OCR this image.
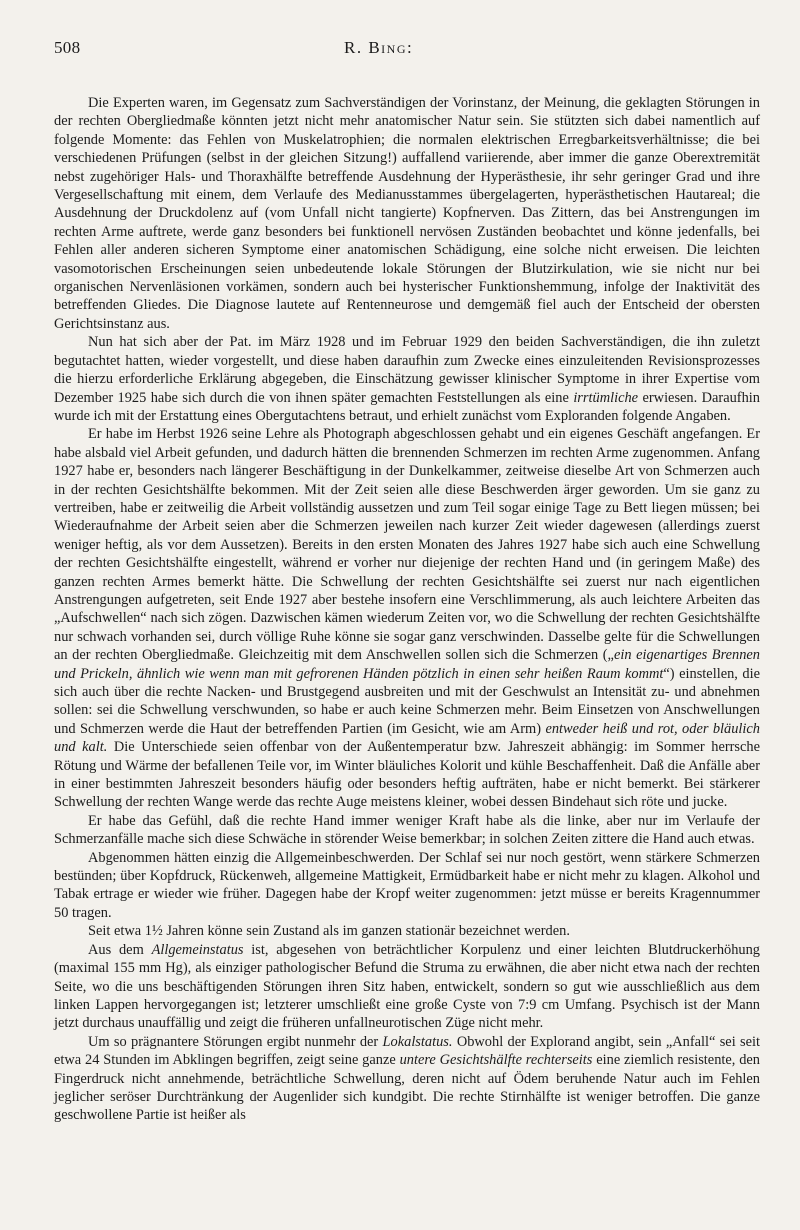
508	R. Bing:

Die Experten waren, im Gegensatz zum Sachverständigen der Vorinstanz, der Meinung, die geklagten Störungen in der rechten Obergliedmaße könnten jetzt nicht mehr anatomischer Natur sein. Sie stützten sich dabei namentlich auf folgende Momente: das Fehlen von Muskelatrophien; die normalen elektrischen Erregbarkeitsverhältnisse; die bei verschiedenen Prüfungen (selbst in der gleichen Sitzung!) auffallend variierende, aber immer die ganze Oberextremität nebst zugehöriger Hals- und Thoraxhälfte betreffende Ausdehnung der Hyperästhesie, ihr sehr geringer Grad und ihre Vergesellschaftung mit einem, dem Verlaufe des Medianusstammes übergelagerten, hyperästhetischen Hautareal; die Ausdehnung der Druckdolenz auf (vom Unfall nicht tangierte) Kopfnerven. Das Zittern, das bei Anstrengungen im rechten Arme auftrete, werde ganz besonders bei funktionell nervösen Zuständen beobachtet und könne jedenfalls, bei Fehlen aller anderen sicheren Symptome einer anatomischen Schädigung, eine solche nicht erweisen. Die leichten vasomotorischen Erscheinungen seien unbedeutende lokale Störungen der Blutzirkulation, wie sie nicht nur bei organischen Nervenläsionen vorkämen, sondern auch bei hysterischer Funktionshemmung, infolge der Inaktivität des betreffenden Gliedes. Die Diagnose lautete auf Rentenneurose und demgemäß fiel auch der Entscheid der obersten Gerichtsinstanz aus.

Nun hat sich aber der Pat. im März 1928 und im Februar 1929 den beiden Sachverständigen, die ihn zuletzt begutachtet hatten, wieder vorgestellt, und diese haben daraufhin zum Zwecke eines einzuleitenden Revisionsprozesses die hierzu erforderliche Erklärung abgegeben, die Einschätzung gewisser klinischer Symptome in ihrer Expertise vom Dezember 1925 habe sich durch die von ihnen später gemachten Feststellungen als eine irrtümliche erwiesen. Daraufhin wurde ich mit der Erstattung eines Obergutachtens betraut, und erhielt zunächst vom Exploranden folgende Angaben.

Er habe im Herbst 1926 seine Lehre als Photograph abgeschlossen gehabt und ein eigenes Geschäft angefangen. Er habe alsbald viel Arbeit gefunden, und dadurch hätten die brennenden Schmerzen im rechten Arme zugenommen. Anfang 1927 habe er, besonders nach längerer Beschäftigung in der Dunkelkammer, zeitweise dieselbe Art von Schmerzen auch in der rechten Gesichtshälfte bekommen. Mit der Zeit seien alle diese Beschwerden ärger geworden. Um sie ganz zu vertreiben, habe er zeitweilig die Arbeit vollständig aussetzen und zum Teil sogar einige Tage zu Bett liegen müssen; bei Wiederaufnahme der Arbeit seien aber die Schmerzen jeweilen nach kurzer Zeit wieder dagewesen (allerdings zuerst weniger heftig, als vor dem Aussetzen). Bereits in den ersten Monaten des Jahres 1927 habe sich auch eine Schwellung der rechten Gesichtshälfte eingestellt, während er vorher nur diejenige der rechten Hand und (in geringem Maße) des ganzen rechten Armes bemerkt hätte. Die Schwellung der rechten Gesichtshälfte sei zuerst nur nach eigentlichen Anstrengungen aufgetreten, seit Ende 1927 aber bestehe insofern eine Verschlimmerung, als auch leichtere Arbeiten das „Aufschwellen“ nach sich zögen. Dazwischen kämen wiederum Zeiten vor, wo die Schwellung der rechten Gesichtshälfte nur schwach vorhanden sei, durch völlige Ruhe könne sie sogar ganz verschwinden. Dasselbe gelte für die Schwellungen an der rechten Obergliedmaße. Gleichzeitig mit dem Anschwellen sollen sich die Schmerzen („ein eigenartiges Brennen und Prickeln, ähnlich wie wenn man mit gefrorenen Händen pötzlich in einen sehr heißen Raum kommt“) einstellen, die sich auch über die rechte Nacken- und Brustgegend ausbreiten und mit der Geschwulst an Intensität zu- und abnehmen sollen: sei die Schwellung verschwunden, so habe er auch keine Schmerzen mehr. Beim Einsetzen von Anschwellungen und Schmerzen werde die Haut der betreffenden Partien (im Gesicht, wie am Arm) entweder heiß und rot, oder bläulich und kalt. Die Unterschiede seien offenbar von der Außentemperatur bzw. Jahreszeit abhängig: im Sommer herrsche Rötung und Wärme der befallenen Teile vor, im Winter bläuliches Kolorit und kühle Beschaffenheit. Daß die Anfälle aber in einer bestimmten Jahreszeit besonders häufig oder besonders heftig aufträten, habe er nicht bemerkt. Bei stärkerer Schwellung der rechten Wange werde das rechte Auge meistens kleiner, wobei dessen Bindehaut sich röte und jucke.

Er habe das Gefühl, daß die rechte Hand immer weniger Kraft habe als die linke, aber nur im Verlaufe der Schmerzanfälle mache sich diese Schwäche in störender Weise bemerkbar; in solchen Zeiten zittere die Hand auch etwas.

Abgenommen hätten einzig die Allgemeinbeschwerden. Der Schlaf sei nur noch gestört, wenn stärkere Schmerzen bestünden; über Kopfdruck, Rückenweh, allgemeine Mattigkeit, Ermüdbarkeit habe er nicht mehr zu klagen. Alkohol und Tabak ertrage er wieder wie früher. Dagegen habe der Kropf weiter zugenommen: jetzt müsse er bereits Kragennummer 50 tragen.

Seit etwa 1½ Jahren könne sein Zustand als im ganzen stationär bezeichnet werden.

Aus dem Allgemeinstatus ist, abgesehen von beträchtlicher Korpulenz und einer leichten Blutdruckerhöhung (maximal 155 mm Hg), als einziger pathologischer Befund die Struma zu erwähnen, die aber nicht etwa nach der rechten Seite, wo die uns beschäftigenden Störungen ihren Sitz haben, entwickelt, sondern so gut wie ausschließlich aus dem linken Lappen hervorgegangen ist; letzterer umschließt eine große Cyste von 7:9 cm Umfang. Psychisch ist der Mann jetzt durchaus unauffällig und zeigt die früheren unfallneurotischen Züge nicht mehr.

Um so prägnantere Störungen ergibt nunmehr der Lokalstatus. Obwohl der Explorand angibt, sein „Anfall“ sei seit etwa 24 Stunden im Abklingen begriffen, zeigt seine ganze untere Gesichtshälfte rechterseits eine ziemlich resistente, den Fingerdruck nicht annehmende, beträchtliche Schwellung, deren nicht auf Ödem beruhende Natur auch im Fehlen jeglicher seröser Durchtränkung der Augenlider sich kundgibt. Die rechte Stirnhälfte ist weniger betroffen. Die ganze geschwollene Partie ist heißer als
